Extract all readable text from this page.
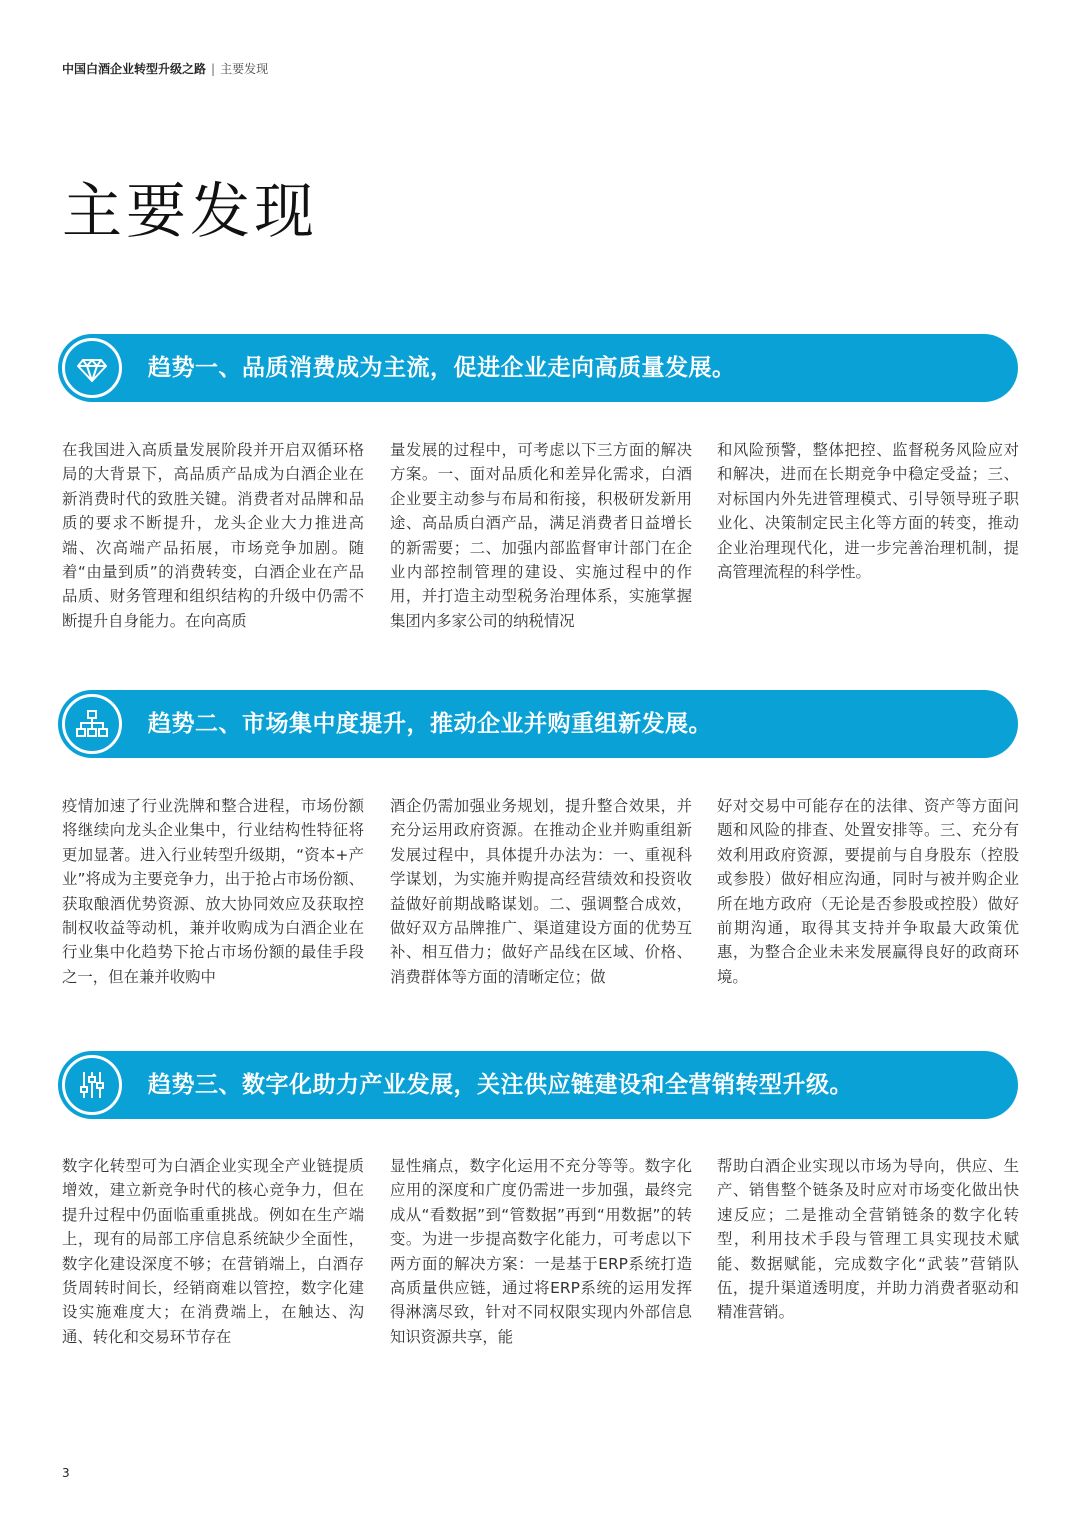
中国白酒企业转型升级之路 | 主要发现
主要发现
趋势一、品质消费成为主流，促进企业走向高质量发展。

在我国进入高质量发展阶段并开启双循环格局的大背景下，高品质产品成为白酒企业在新消费时代的致胜关键。消费者对品牌和品质的要求不断提升，龙头企业大力推进高端、次高端产品拓展，市场竞争加剧。随着“由量到质”的消费转变，白酒企业在产品品质、财务管理和组织结构的升级中仍需不断提升自身能力。在向高质

量发展的过程中，可考虑以下三方面的解决方案。一、面对品质化和差异化需求，白酒企业要主动参与布局和衔接，积极研发新用途、高品质白酒产品，满足消费者日益增长的新需要；二、加强内部监督审计部门在企业内部控制管理的建设、实施过程中的作用，并打造主动型税务治理体系，实施掌握集团内多家公司的纳税情况

和风险预警，整体把控、监督税务风险应对和解决，进而在长期竞争中稳定受益；三、对标国内外先进管理模式、引导领导班子职业化、决策制定民主化等方面的转变，推动企业治理现代化，进一步完善治理机制，提高管理流程的科学性。

趋势二、市场集中度提升，推动企业并购重组新发展。

疫情加速了行业洗牌和整合进程，市场份额将继续向龙头企业集中，行业结构性特征将更加显著。进入行业转型升级期，“资本+产业”将成为主要竞争力，出于抢占市场份额、获取酿酒优势资源、放大协同效应及获取控制权收益等动机，兼并收购成为白酒企业在行业集中化趋势下抢占市场份额的最佳手段之一，但在兼并收购中

酒企仍需加强业务规划，提升整合效果，并充分运用政府资源。在推动企业并购重组新发展过程中，具体提升办法为：一、重视科学谋划，为实施并购提高经营绩效和投资收益做好前期战略谋划。二、强调整合成效，做好双方品牌推广、渠道建设方面的优势互补、相互借力；做好产品线在区域、价格、消费群体等方面的清晰定位；做

好对交易中可能存在的法律、资产等方面问题和风险的排查、处置安排等。三、充分有效利用政府资源，要提前与自身股东（控股或参股）做好相应沟通，同时与被并购企业所在地方政府（无论是否参股或控股）做好前期沟通，取得其支持并争取最大政策优惠，为整合企业未来发展赢得良好的政商环境。

趋势三、数字化助力产业发展，关注供应链建设和全营销转型升级。

数字化转型可为白酒企业实现全产业链提质增效，建立新竞争时代的核心竞争力，但在提升过程中仍面临重重挑战。例如在生产端上，现有的局部工序信息系统缺少全面性，数字化建设深度不够；在营销端上，白酒存货周转时间长，经销商难以管控，数字化建设实施难度大；在消费端上，在触达、沟通、转化和交易环节存在

显性痛点，数字化运用不充分等等。数字化应用的深度和广度仍需进一步加强，最终完成从“看数据”到“管数据”再到“用数据”的转变。为进一步提高数字化能力，可考虑以下两方面的解决方案：一是基于ERP系统打造高质量供应链，通过将ERP系统的运用发挥得淋漓尽致，针对不同权限实现内外部信息知识资源共享，能

帮助白酒企业实现以市场为导向，供应、生产、销售整个链条及时应对市场变化做出快速反应；二是推动全营销链条的数字化转型，利用技术手段与管理工具实现技术赋能、数据赋能，完成数字化“武装”营销队伍，提升渠道透明度，并助力消费者驱动和精准营销。

3
